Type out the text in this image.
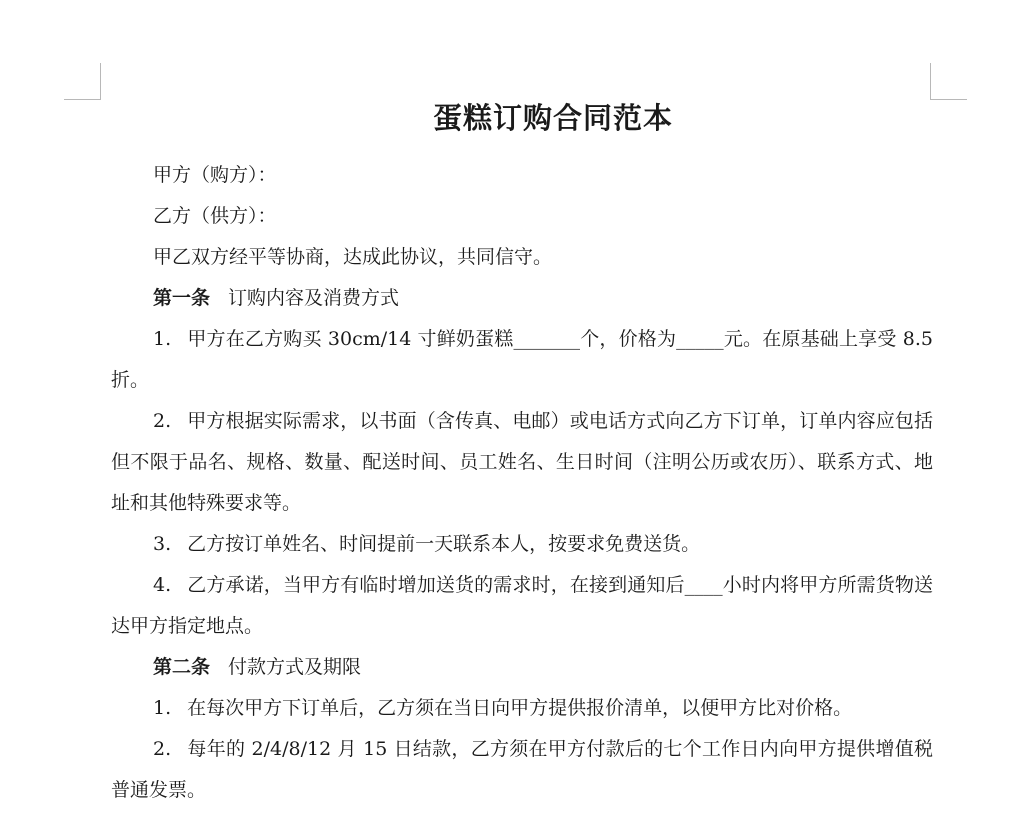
蛋糕订购合同范本

甲方（购方）：

乙方（供方）：

甲乙双方经平等协商，达成此协议，共同信守。

第一条 订购内容及消费方式

1. 甲方在乙方购买 30cm/14 寸鲜奶蛋糕_______个，价格为_____元。在原基础上享受 8.5 折。

2. 甲方根据实际需求，以书面（含传真、电邮）或电话方式向乙方下订单，订单内容应包括但不限于品名、规格、数量、配送时间、员工姓名、生日时间（注明公历或农历）、联系方式、地址和其他特殊要求等。

3. 乙方按订单姓名、时间提前一天联系本人，按要求免费送货。

4. 乙方承诺，当甲方有临时增加送货的需求时，在接到通知后____小时内将甲方所需货物送达甲方指定地点。

第二条 付款方式及期限

1. 在每次甲方下订单后，乙方须在当日向甲方提供报价清单，以便甲方比对价格。

2. 每年的 2/4/8/12 月 15 日结款，乙方须在甲方付款后的七个工作日内向甲方提供增值税普通发票。
